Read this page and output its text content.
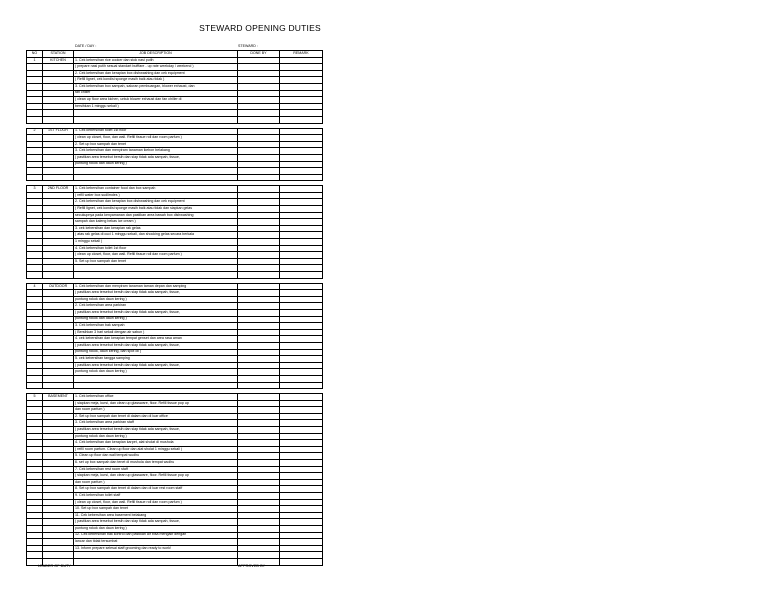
STEWARD OPENING DUTIES
DATE / DAY :	STEWARD :
NO	STATION	JOB DESCRIPTION	DONE BY	REMARK
1	KITCHEN	1. Cek kebersihan rice cooker dan stok nasi putih		
		( prepare nasi putih sesuai standart bufffare - up rate weekday / weekend )		
		2. Cek kebersihan dan kerapian box dishwashing dan cek equipment		
		( Refill lignet, cek kondisi sponge masih baik atau tidak )		
		3. Cek kebersihan box sampah, saluran pembuangan, blower exhaust, dan		
		fan chiller		
		( clean up floor area kichen, untuk blower exhaust dan fan chiller di		
		bersihkan 1 minggu sekali )		

2	1ST FLOOR	1. Cek kebersihan toilet 1st floor		
		( clean up closet, floor, dan wall. Refill tissue roll dan room parfum )		
		2. Set up box sampah dan tenet		
		3. Cek kebersihan dan menyiram tanaman ikebon belakang		
		( pastikan area tersebut bersih dan siap tidak ada sampah, tissue,		
		puntung rokok dan daun kering )		

3	2ND FLOOR	1. Cek kebersihan container food dan box sampah		
		( refill water box sudlimdes )		
		2. Cek kebersihan dan kerapian box dishwashing dan cek equipment		
		( Refill lignet, cek kondisi sponge masih baik atau tidak dan siapkan gelas		
		secukupnya pada kenyamanan dan pastikan area bawah box dishwashing		
		sampah dan kaleng bekas ice cream )		
		3. cek kebersihan dan kerapian rak gelas		
		( atas rak gelas di cuci 1 minggu sekali, dan shocking gelas secara berkala		
		1 minggu sekali )		
		4. Cek kebersihan toilet 1st floor		
		( clean up closet, floor, dan wall. Refill tissue roll dan room parfum )		
		5. Set up box sampah dan tenet		

4	OUTDOOR	1. Cek kebersihan dan menyiram tanaman taman depan dan samping		
		( pastikan area tersebut bersih dan siap tidak ada sampah, tissue,		
		puntung rokok dan daun kering )		
		2. Cek kebersihan area parkiran		
		( pastikan area tersebut bersih dan siap tidak ada sampah, tissue,		
		puntung rokok dan daun kering )		
		3. Cek kebersihan bak sampah		
		( Bersihkan 3 hari sekali dengan air sabun )		
		4. cek kebersihan dan kerapian tempat genset dan area rasa aman		
		( pastikan area tersebut bersih dan siap tidak ada sampah, tissue,		
		puntung rokok, daun kering, dan spot oli )		
		5. cek kebersihan tangga samping		
		( pastikan area tersebut bersih dan siap tidak ada sampah, tissue,		
		puntung rokok dan daun kering )		

5	BASEMENT	1. Cek kebersihan office		
		( siapkan meja, kursi, dan clean up glassware, floor. Refill tissue pop up		
		dan room parfum )		
		2. Set up box sampah dan tenet di dalam dan di luar office		
		3. Cek kebersihan area parkiran staff		
		( pastikan area tersebut bersih dan siap tidak ada sampah, tissue,		
		puntung rokok dan daun kering )		
		4. Cek kebersihan dan kerapian karpet, alat sholat di mushola		
		( refill room parfum. Clean up floor dan alat sholat 1 minggu sekali )		
		5. Clean up floor dan wall tempat wudhu		
		6. set up box sampah dan tenet di mushola dan tempat wudhu		
		7. Cek kebersihan rest room staff		
		( siapkan meja, kursi, dan clean up glassware, floor. Refill tissue pop up		
		dan room parfum )		
		8. Set up box sampah dan tenet di dalam dan di luar rest room staff		
		9. Cek kebersihan toilet staff		
		( clean up closet, floor, dan wall. Refill tissue roll dan room parfum )		
		10. Set up box sampah dan tenet		
		11. Cek kebersihan area basement belakang		
		( pastikan area tersebut bersih dan siap tidak ada sampah, tissue,		
		puntung rokok dan daun kering )		
		12. Cek kebersihan bak kontrol dan pastikan air bisa mengalir dengan		
		lancar dan tidak tersumbat		
		13. Inform prepare selesai staff grooming dan ready to work!		

LEADER OF DUTY	APPROVED BY
